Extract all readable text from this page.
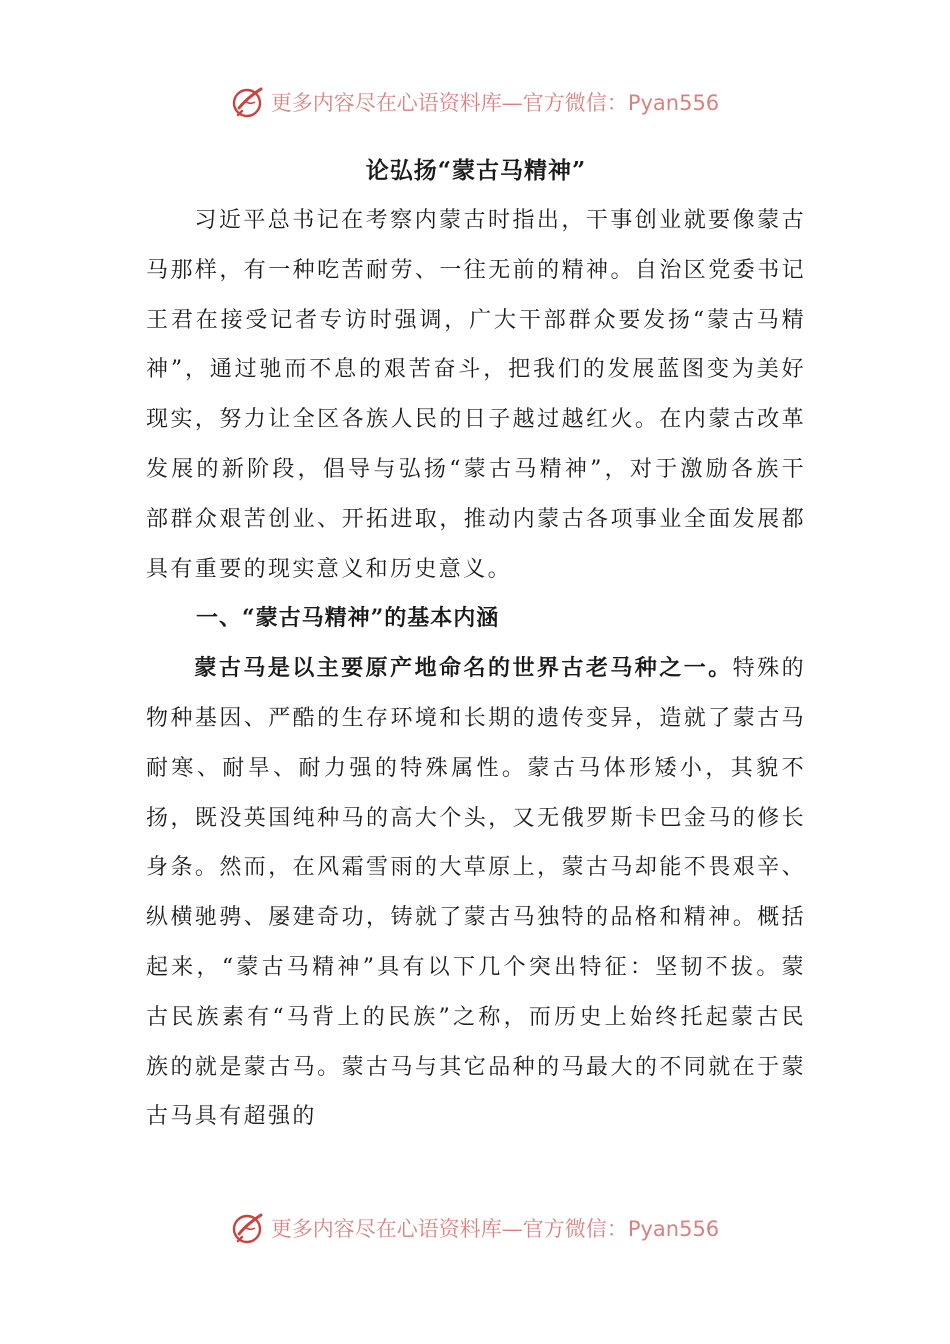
更多内容尽在心语资料库—官方微信：Pyan556
论弘扬“蒙古马精神”

习近平总书记在考察内蒙古时指出，干事创业就要像蒙古马那样，有一种吃苦耐劳、一往无前的精神。自治区党委书记王君在接受记者专访时强调，广大干部群众要发扬“蒙古马精神”，通过驰而不息的艰苦奋斗，把我们的发展蓝图变为美好现实，努力让全区各族人民的日子越过越红火。在内蒙古改革发展的新阶段，倡导与弘扬“蒙古马精神”，对于激励各族干部群众艰苦创业、开拓进取，推动内蒙古各项事业全面发展都具有重要的现实意义和历史意义。

一、“蒙古马精神”的基本内涵

蒙古马是以主要原产地命名的世界古老马种之一。特殊的物种基因、严酷的生存环境和长期的遗传变异，造就了蒙古马耐寒、耐旱、耐力强的特殊属性。蒙古马体形矮小，其貌不扬，既没英国纯种马的高大个头，又无俄罗斯卡巴金马的修长身条。然而，在风霜雪雨的大草原上，蒙古马却能不畏艰辛、纵横驰骋、屡建奇功，铸就了蒙古马独特的品格和精神。概括起来，“蒙古马精神”具有以下几个突出特征：坚韧不拔。蒙古民族素有“马背上的民族”之称，而历史上始终托起蒙古民族的就是蒙古马。蒙古马与其它品种的马最大的不同就在于蒙古马具有超强的

更多内容尽在心语资料库—官方微信：Pyan556
